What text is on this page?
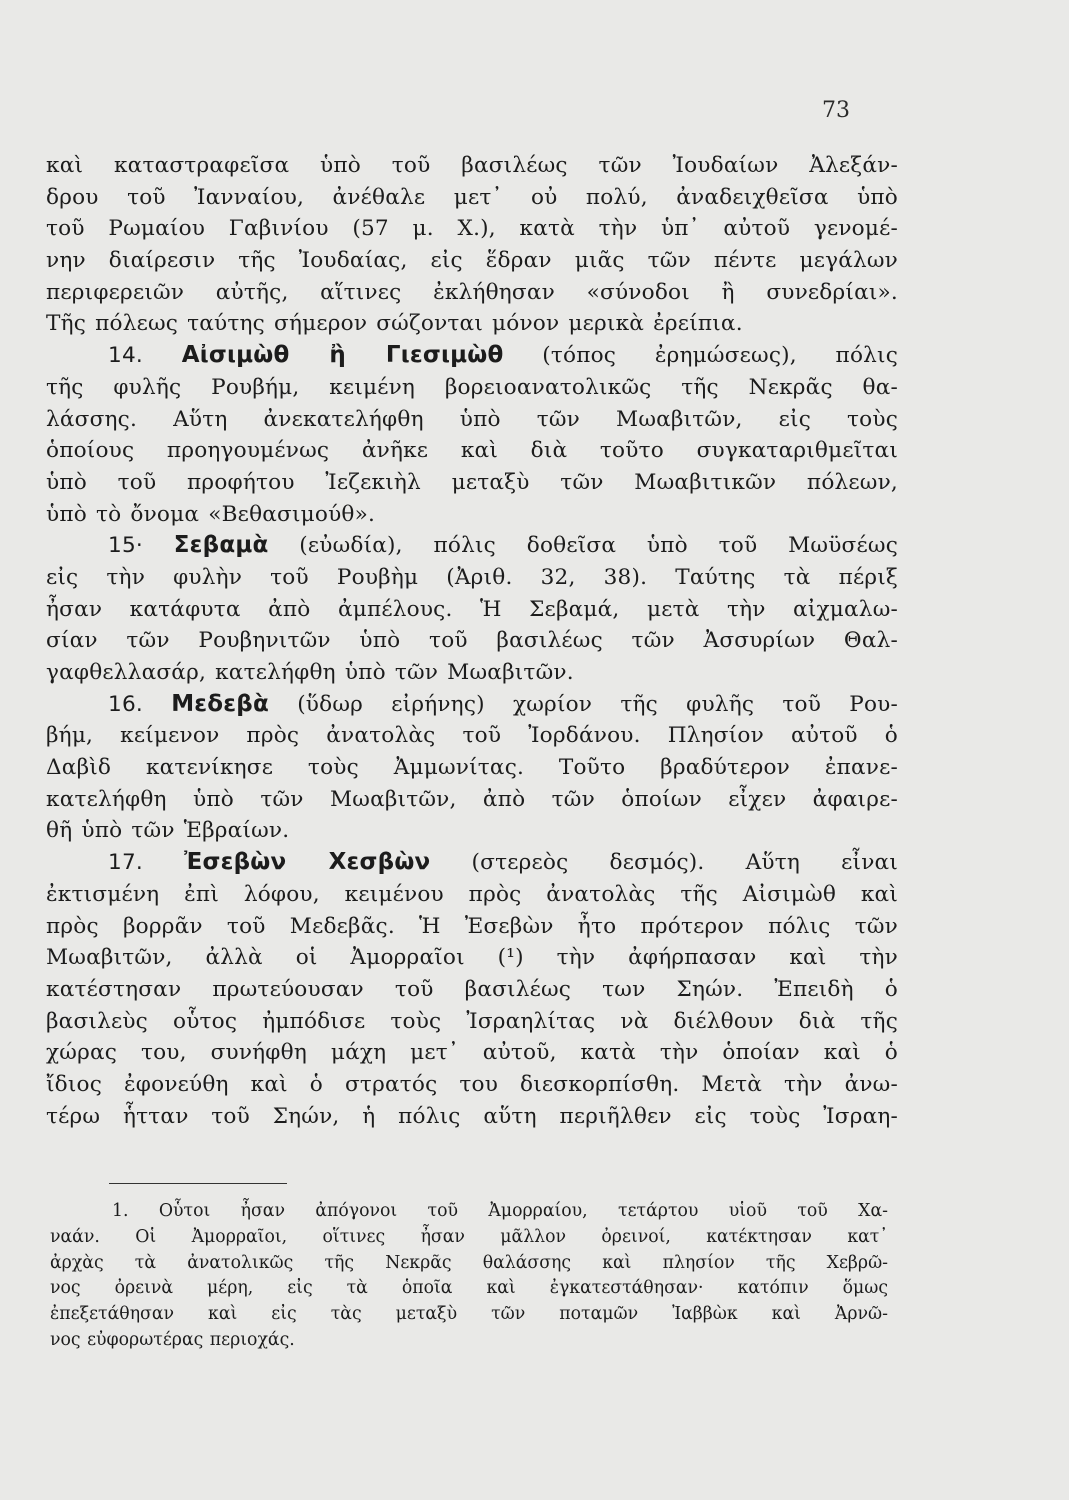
73
καὶ καταστραφεῖσα ὑπὸ τοῦ βασιλέως τῶν Ἰουδαίων Ἀλεξάν-
δρου τοῦ Ἰανναίου, ἀνέθαλε μετ᾽ οὐ πολύ, ἀναδειχθεῖσα ὑπὸ
τοῦ Ρωμαίου Γαβινίου (57 μ. Χ.), κατὰ τὴν ὑπ᾽ αὐτοῦ γενομέ-
νην διαίρεσιν τῆς Ἰουδαίας, εἰς ἕδραν μιᾶς τῶν πέντε μεγάλων
περιφερειῶν αὐτῆς, αἵτινες ἐκλήθησαν «σύνοδοι ἢ συνεδρίαι».
Τῆς πόλεως ταύτης σήμερον σώζονται μόνον μερικὰ ἐρείπια.
14. Αἰσιμὼθ ἢ Γιεσιμὼθ (τόπος ἐρημώσεως), πόλις
τῆς φυλῆς Ρουβήμ, κειμένη βορειοανατολικῶς τῆς Νεκρᾶς θα-
λάσσης. Αὕτη ἀνεκατελήφθη ὑπὸ τῶν Μωαβιτῶν, εἰς τοὺς
ὁποίους προηγουμένως ἀνῆκε καὶ διὰ τοῦτο συγκαταριθμεῖται
ὑπὸ τοῦ προφήτου Ἰεζεκιὴλ μεταξὺ τῶν Μωαβιτικῶν πόλεων,
ὑπὸ τὸ ὄνομα «Βεθασιμούθ».
15· Σεβαμὰ (εὐωδία), πόλις δοθεῖσα ὑπὸ τοῦ Μωϋσέως
εἰς τὴν φυλὴν τοῦ Ρουβὴμ (Ἀριθ. 32, 38). Ταύτης τὰ πέριξ
ἦσαν κατάφυτα ἀπὸ ἀμπέλους. Ἡ Σεβαμά, μετὰ τὴν αἰχμαλω-
σίαν τῶν Ρουβηνιτῶν ὑπὸ τοῦ βασιλέως τῶν Ἀσσυρίων Θαλ-
γαφθελλασάρ, κατελήφθη ὑπὸ τῶν Μωαβιτῶν.
16. Μεδεβὰ (ὕδωρ εἰρήνης) χωρίον τῆς φυλῆς τοῦ Ρου-
βήμ, κείμενον πρὸς ἀνατολὰς τοῦ Ἰορδάνου. Πλησίον αὐτοῦ ὁ
Δαβὶδ κατενίκησε τοὺς Ἀμμωνίτας. Τοῦτο βραδύτερον ἐπανε-
κατελήφθη ὑπὸ τῶν Μωαβιτῶν, ἀπὸ τῶν ὁποίων εἶχεν ἀφαιρε-
θῆ ὑπὸ τῶν Ἑβραίων.
17. Ἐσεβὼν Χεσβὼν (στερεὸς δεσμός). Αὕτη εἶναι
ἐκτισμένη ἐπὶ λόφου, κειμένου πρὸς ἀνατολὰς τῆς Αἰσιμὼθ καὶ
πρὸς βορρᾶν τοῦ Μεδεβᾶς. Ἡ Ἐσεβὼν ἦτο πρότερον πόλις τῶν
Μωαβιτῶν, ἀλλὰ οἱ Ἀμορραῖοι (¹) τὴν ἀφήρπασαν καὶ τὴν
κατέστησαν πρωτεύουσαν τοῦ βασιλέως των Σηών. Ἐπειδὴ ὁ
βασιλεὺς οὗτος ἠμπόδισε τοὺς Ἰσραηλίτας νὰ διέλθουν διὰ τῆς
χώρας του, συνήφθη μάχη μετ᾽ αὐτοῦ, κατὰ τὴν ὁποίαν καὶ ὁ
ἴδιος ἐφονεύθη καὶ ὁ στρατός του διεσκορπίσθη. Μετὰ τὴν ἀνω-
τέρω ἧτταν τοῦ Σηών, ἡ πόλις αὕτη περιῆλθεν εἰς τοὺς Ἰσραη-
1. Οὗτοι ἦσαν ἀπόγονοι τοῦ Ἀμορραίου, τετάρτου υἱοῦ τοῦ Χα-
ναάν. Οἱ Ἀμορραῖοι, οἵτινες ἦσαν μᾶλλον ὀρεινοί, κατέκτησαν κατ᾽
ἀρχὰς τὰ ἀνατολικῶς τῆς Νεκρᾶς θαλάσσης καὶ πλησίον τῆς Χεβρῶ-
νος ὀρεινὰ μέρη, εἰς τὰ ὁποῖα καὶ ἐγκατεστάθησαν· κατόπιν ὅμως
ἐπεξετάθησαν καὶ εἰς τὰς μεταξὺ τῶν ποταμῶν Ἰαββὼκ καὶ Ἀρνῶ-
νος εὐφορωτέρας περιοχάς.
